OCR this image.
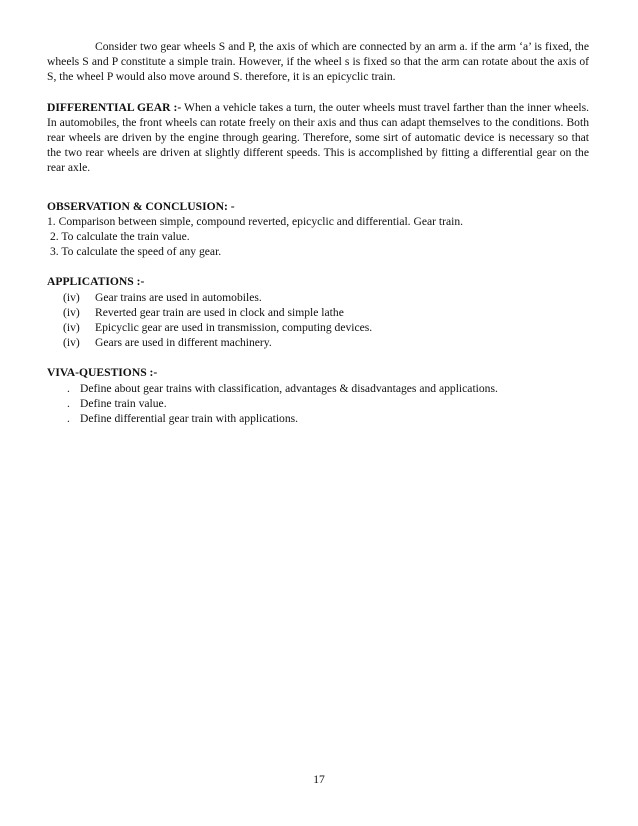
Consider two gear wheels S and P, the axis of which are connected by an arm a. if the arm ‘a’ is fixed, the wheels S and P constitute a simple train. However, if the wheel s is fixed so that the arm can rotate about the axis of S, the wheel P would also move around S. therefore, it is an epicyclic train.

DIFFERENTIAL GEAR :- When a vehicle takes a turn, the outer wheels must travel farther than the inner wheels. In automobiles, the front wheels can rotate freely on their axis and thus can adapt themselves to the conditions. Both rear wheels are driven by the engine through gearing. Therefore, some sirt of automatic device is necessary so that the two rear wheels are driven at slightly different speeds. This is accomplished by fitting a differential gear on the rear axle.

OBSERVATION & CONCLUSION: -

1. Comparison between simple, compound reverted, epicyclic and differential. Gear train.

2. To calculate the train value.

3. To calculate the speed of any gear.

APPLICATIONS :-

(iv)	Gear trains are used in automobiles.
(iv)	Reverted gear train are used in clock and simple lathe
(iv)	Epicyclic gear are used in transmission, computing devices.
(iv)	Gears are used in different machinery.

VIVA-QUESTIONS :-

. Define about gear trains with classification, advantages & disadvantages and applications.
. Define train value.
. Define differential gear train with applications.
17
